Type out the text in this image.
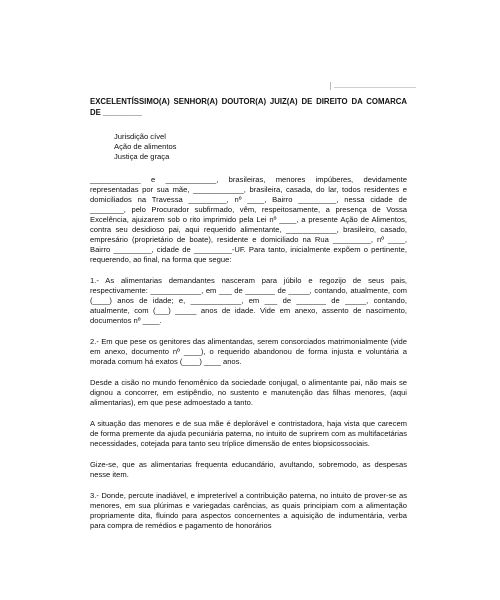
EXCELENTÍSSIMO(A) SENHOR(A) DOUTOR(A) JUIZ(A) DE DIREITO DA COMARCA DE _________
Jurisdição cível
Ação de alimentos
Justiça de graça

____________ e ____________, brasileiras, menores impúberes, devidamente representadas por sua mãe, ____________, brasileira, casada, do lar, todos residentes e domiciliados na Travessa _________, nº ____, Bairro _________, nessa cidade de ________, pelo Procurador subfirmado, vêm, respeitosamente, a presença de Vossa Excelência, ajuizarem sob o rito imprimido pela Lei nº ____, a presente Ação de Alimentos, contra seu desidioso pai, aqui requerido alimentante, ____________, brasileiro, casado, empresário (proprietário de boate), residente e domiciliado na Rua _________, nº ____, Bairro _________, cidade de _________-UF. Para tanto, inicialmente expõem o pertinente, requerendo, ao final, na forma que segue:

1.- As alimentarias demandantes nasceram para júbilo e regozijo de seus pais, respectivamente: ____________, em ___ de _______ de _____, contando, atualmente, com (____) anos de idade; e, ____________, em ___ de _______ de _____, contando, atualmente, com (___) _____ anos de idade. Vide em anexo, assento de nascimento, documentos nº ____.

2.- Em que pese os genitores das alimentandas, serem consorciados matrimonialmente (vide em anexo, documento nº ____), o requerido abandonou de forma injusta e voluntária a morada comum há exatos (____) ____ anos.

Desde a cisão no mundo fenomênico da sociedade conjugal, o alimentante pai, não mais se dignou a concorrer, em estipêndio, no sustento e manutenção das filhas menores, (aqui alimentarias), em que pese admoestado a tanto.

A situação das menores e de sua mãe é deplorável e contristadora, haja vista que carecem de forma premente da ajuda pecuniária paterna, no intuito de suprirem com as multifacetárias necessidades, cotejada para tanto seu tríplice dimensão de entes biopsicossociais.

Gize-se, que as alimentarias frequenta educandário, avultando, sobremodo, as despesas nesse item.

3.- Donde, percute inadiável, e impreterível a contribuição paterna, no intuito de prover-se as menores, em sua plúrimas e variegadas carências, as quais principiam com a alimentação propriamente dita, fluindo para aspectos concernentes a aquisição de indumentária, verba para compra de remédios e pagamento de honorários
